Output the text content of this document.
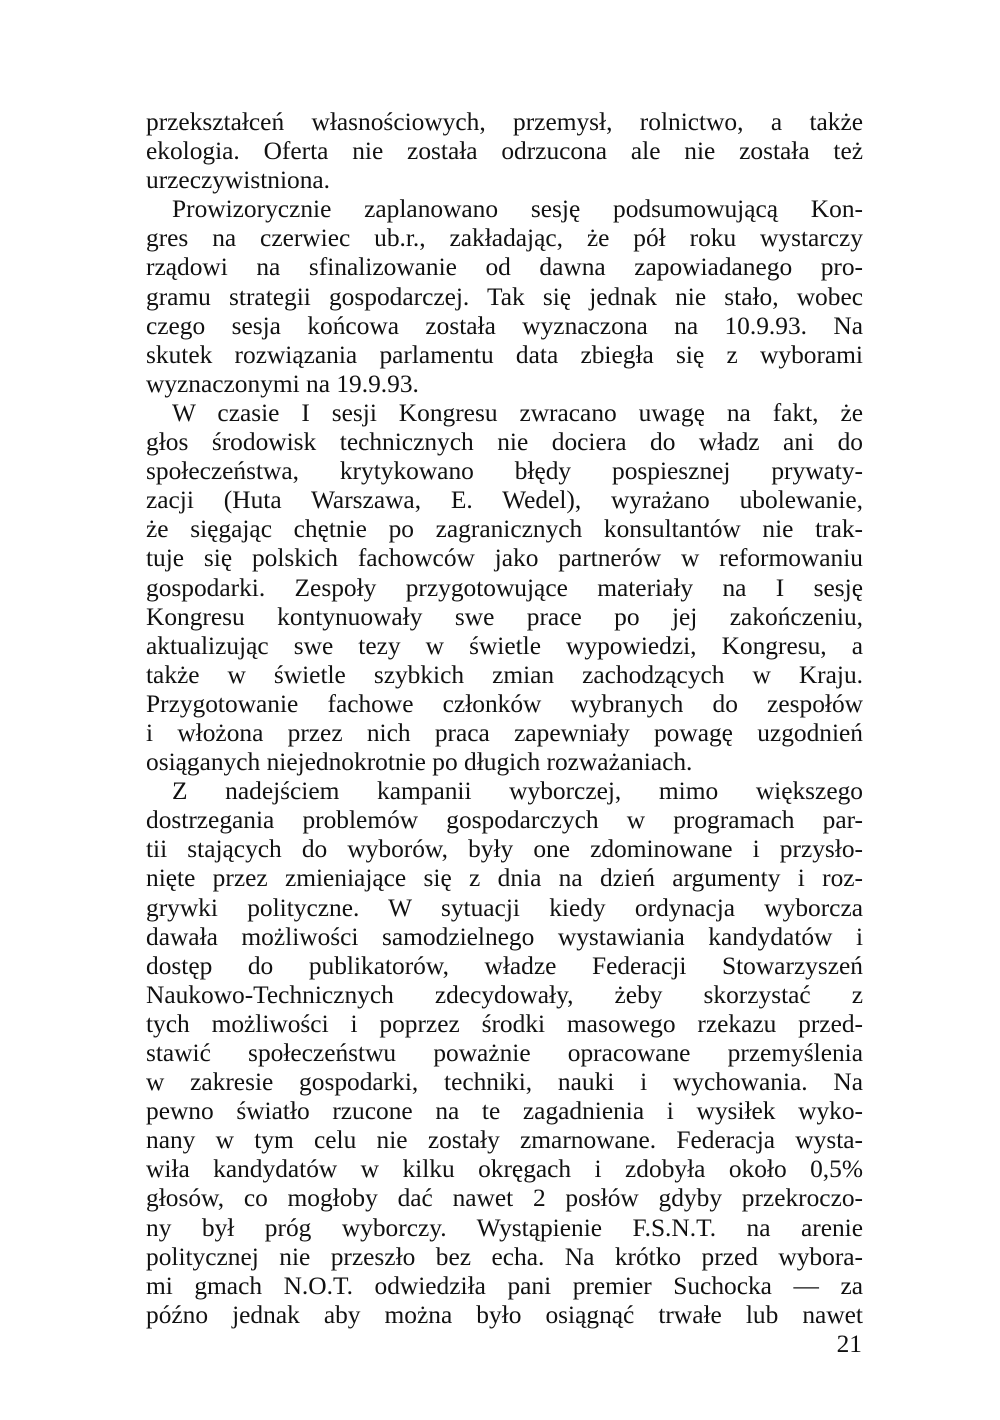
przekształceń własnościowych, przemysł, rolnictwo, a także
ekologia. Oferta nie została odrzucona ale nie została też
urzeczywistniona.
Prowizorycznie zaplanowano sesję podsumowującą Kon-
gres na czerwiec ub.r., zakładając, że pół roku wystarczy
rządowi na sfinalizowanie od dawna zapowiadanego pro-
gramu strategii gospodarczej. Tak się jednak nie stało, wobec
czego sesja końcowa została wyznaczona na 10.9.93. Na
skutek rozwiązania parlamentu data zbiegła się z wyborami
wyznaczonymi na 19.9.93.
W czasie I sesji Kongresu zwracano uwagę na fakt, że
głos środowisk technicznych nie dociera do władz ani do
społeczeństwa, krytykowano błędy pospiesznej prywaty-
zacji (Huta Warszawa, E. Wedel), wyrażano ubolewanie,
że sięgając chętnie po zagranicznych konsultantów nie trak-
tuje się polskich fachowców jako partnerów w reformowaniu
gospodarki. Zespoły przygotowujące materiały na I sesję
Kongresu kontynuowały swe prace po jej zakończeniu,
aktualizując swe tezy w świetle wypowiedzi, Kongresu, a
także w świetle szybkich zmian zachodzących w Kraju.
Przygotowanie fachowe członków wybranych do zespołów
i włożona przez nich praca zapewniały powagę uzgodnień
osiąganych niejednokrotnie po długich rozważaniach.
Z nadejściem kampanii wyborczej, mimo większego
dostrzegania problemów gospodarczych w programach par-
tii stających do wyborów, były one zdominowane i przysło-
nięte przez zmieniające się z dnia na dzień argumenty i roz-
grywki polityczne. W sytuacji kiedy ordynacja wyborcza
dawała możliwości samodzielnego wystawiania kandydatów i
dostęp do publikatorów, władze Federacji Stowarzyszeń
Naukowo-Technicznych zdecydowały, żeby skorzystać z
tych możliwości i poprzez środki masowego rzekazu przed-
stawić społeczeństwu poważnie opracowane przemyślenia
w zakresie gospodarki, techniki, nauki i wychowania. Na
pewno światło rzucone na te zagadnienia i wysiłek wyko-
nany w tym celu nie zostały zmarnowane. Federacja wysta-
wiła kandydatów w kilku okręgach i zdobyła około 0,5%
głosów, co mogłoby dać nawet 2 posłów gdyby przekroczo-
ny był próg wyborczy. Wystąpienie F.S.N.T. na arenie
politycznej nie przeszło bez echa. Na krótko przed wybora-
mi gmach N.O.T. odwiedziła pani premier Suchocka — za
późno jednak aby można było osiągnąć trwałe lub nawet
21
